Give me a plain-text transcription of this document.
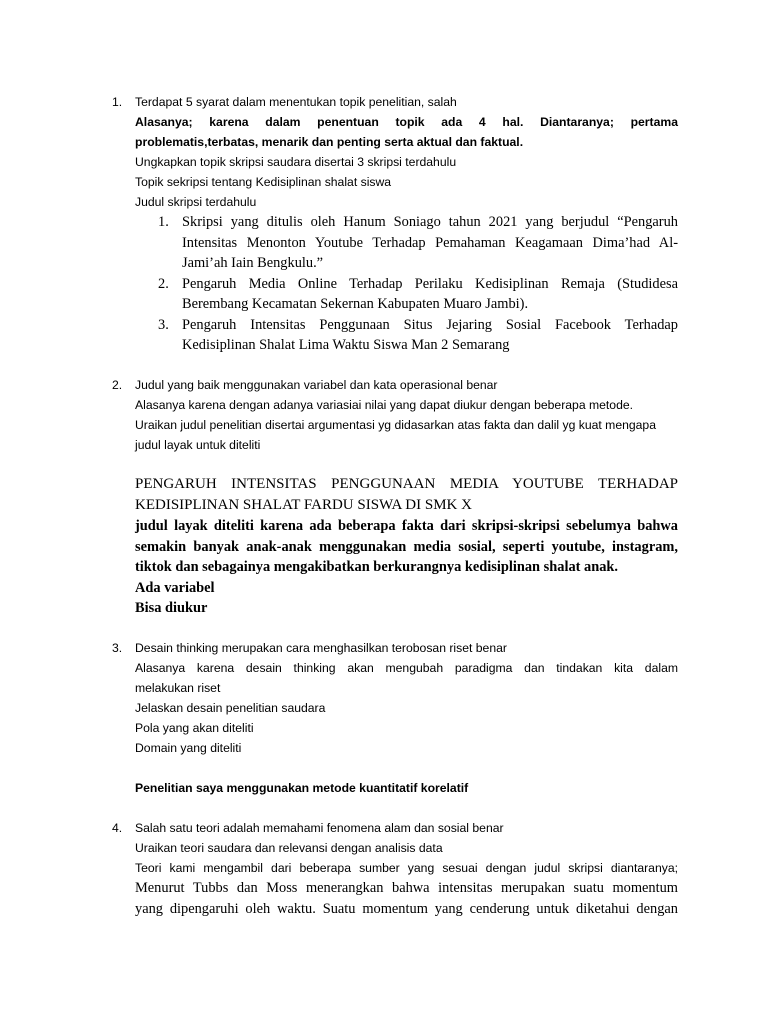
1. Terdapat 5 syarat dalam menentukan topik penelitian, salah
Alasanya; karena dalam penentuan topik ada 4 hal. Diantaranya; pertama
problematis,terbatas, menarik dan penting serta aktual dan faktual.
Ungkapkan topik skripsi saudara disertai 3 skripsi terdahulu
Topik sekripsi tentang Kedisiplinan shalat siswa
Judul skripsi terdahulu
1. Skripsi yang ditulis oleh Hanum Soniago tahun 2021 yang berjudul “Pengaruh Intensitas Menonton Youtube Terhadap Pemahaman Keagamaan Dima’had Al-Jami’ah Iain Bengkulu.”
2. Pengaruh Media Online Terhadap Perilaku Kedisiplinan Remaja (Studidesa Berembang Kecamatan Sekernan Kabupaten Muaro Jambi).
3. Pengaruh Intensitas Penggunaan Situs Jejaring Sosial Facebook Terhadap Kedisiplinan Shalat Lima Waktu Siswa Man 2 Semarang
2. Judul yang baik menggunakan variabel dan kata operasional benar
Alasanya karena dengan adanya variasiai nilai yang dapat diukur dengan beberapa metode.
Uraikan judul penelitian disertai argumentasi yg didasarkan atas fakta dan dalil yg kuat mengapa
judul layak untuk diteliti
PENGARUH INTENSITAS PENGGUNAAN MEDIA YOUTUBE TERHADAP KEDISIPLINAN SHALAT FARDU SISWA DI SMK X
judul layak diteliti karena ada beberapa fakta dari skripsi-skripsi sebelumya bahwa semakin banyak anak-anak menggunakan media sosial, seperti youtube, instagram, tiktok dan sebagainya mengakibatkan berkurangnya kedisiplinan shalat anak.
Ada variabel
Bisa diukur
3. Desain thinking merupakan cara menghasilkan terobosan riset benar
Alasanya karena desain thinking akan mengubah paradigma dan tindakan kita dalam
melakukan riset
Jelaskan desain penelitian saudara
Pola yang akan diteliti
Domain yang diteliti
Penelitian saya menggunakan metode kuantitatif korelatif
4. Salah satu teori adalah memahami fenomena alam dan sosial benar
Uraikan teori saudara dan relevansi dengan analisis data
Teori kami mengambil dari beberapa sumber yang sesuai dengan judul skripsi diantaranya;
Menurut Tubbs dan Moss menerangkan bahwa intensitas merupakan suatu momentum
yang dipengaruhi oleh waktu. Suatu momentum yang cenderung untuk diketahui dengan
